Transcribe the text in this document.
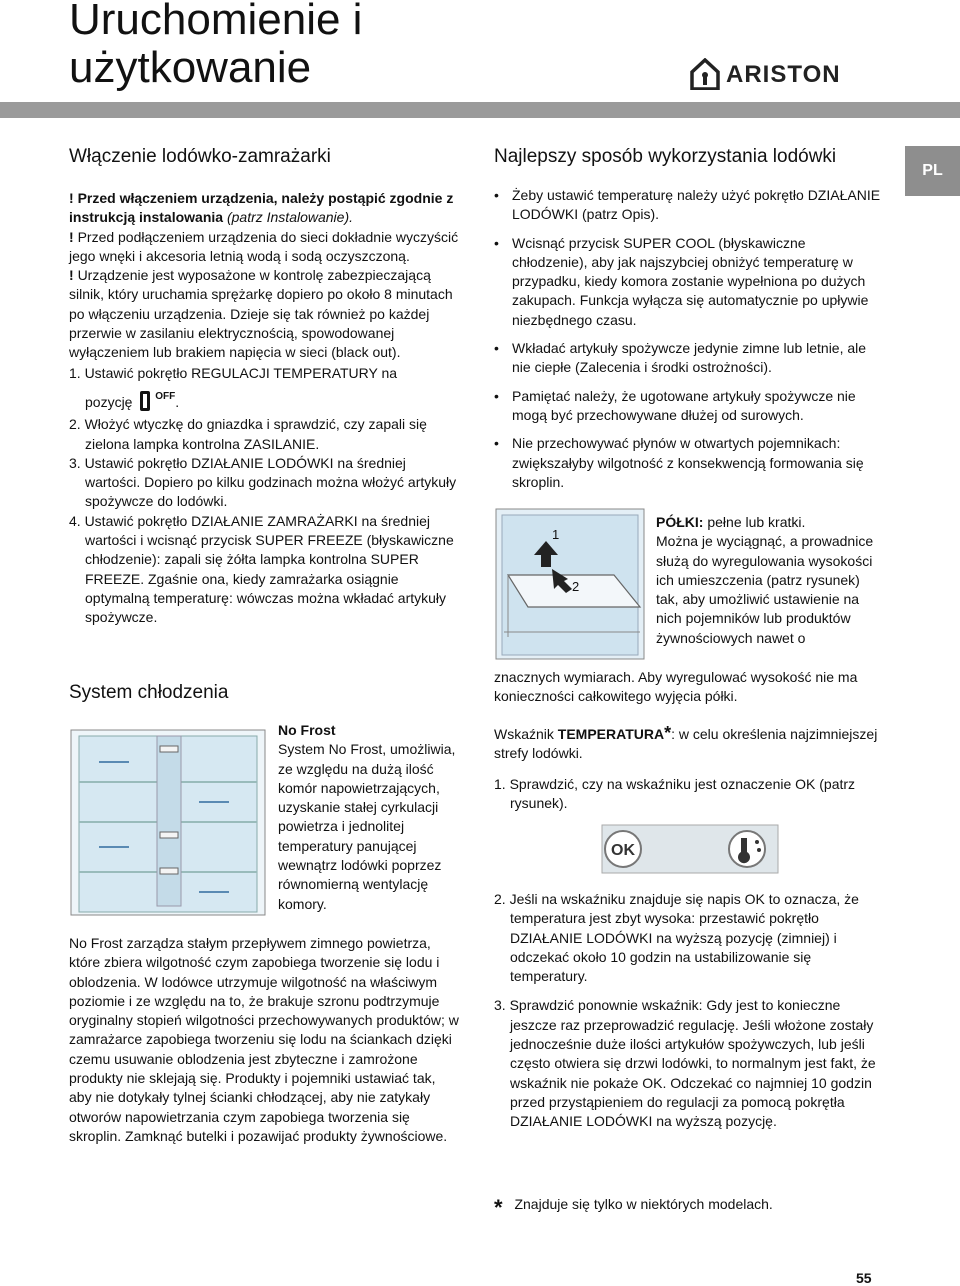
Uruchomienie i
użytkowanie	ARISTON
PL
Włączenie lodówko-zamrażarki

! Przed włączeniem urządzenia, należy postąpić zgodnie z instrukcją instalowania (patrz Instalowanie).

! Przed podłączeniem urządzenia do sieci dokładnie wyczyścić jego wnęki i akcesoria letnią wodą i sodą oczyszczoną.

! Urządzenie jest wyposażone w kontrolę zabezpieczającą silnik, który uruchamia sprężarkę dopiero po około 8 minutach po włączeniu urządzenia. Dzieje się tak również po każdej przerwie w zasilaniu elektrycznością, spowodowanej wyłączeniem lub brakiem napięcia w sieci (black out).

1. Ustawić pokrętło REGULACJI TEMPERATURY na

pozycję $^{OFF}$.

2. Włożyć wtyczkę do gniazdka i sprawdzić, czy zapali się zielona lampka kontrolna ZASILANIE.

3. Ustawić pokrętło DZIAŁANIE LODÓWKI na średniej wartości. Dopiero po kilku godzinach można włożyć artykuły spożywcze do lodówki.

4. Ustawić pokrętło DZIAŁANIE ZAMRAŻARKI na średniej wartości i wcisnąć przycisk SUPER FREEZE (błyskawiczne chłodzenie): zapali się żółta lampka kontrolna SUPER FREEZE. Zgaśnie ona, kiedy zamrażarka osiągnie optymalną temperaturę: wówczas można wkładać artykuły spożywcze.

System chłodzenia

No Frost

System No Frost, umożliwia, ze względu na dużą ilość komór napowietrzających, uzyskanie stałej cyrkulacji powietrza i jednolitej temperatury panującej wewnątrz lodówki poprzez równomierną wentylację komory.

No Frost zarządza stałym przepływem zimnego powietrza, które zbiera wilgotność czym zapobiega tworzenie się lodu i oblodzenia. W lodówce utrzymuje wilgotność na właściwym poziomie i ze względu na to, że brakuje szronu podtrzymuje oryginalny stopień wilgotności przechowywanych produktów; w zamrażarce zapobiega tworzeniu się lodu na ściankach dzięki czemu usuwanie oblodzenia jest zbyteczne i zamrożone produkty nie sklejają się. Produkty i pojemniki ustawiać tak, aby nie dotykały tylnej ścianki chłodzącej, aby nie zatykały otworów napowietrzania czym zapobiega tworzenia się skroplin. Zamknąć butelki i pozawijać produkty żywnościowe.

Najlepszy sposób wykorzystania lodówki
• Żeby ustawić temperaturę należy użyć pokrętło DZIAŁANIE LODÓWKI (patrz Opis).
• Wcisnąć przycisk SUPER COOL (błyskawiczne chłodzenie), aby jak najszybciej obniżyć temperaturę w przypadku, kiedy komora zostanie wypełniona po dużych zakupach. Funkcja wyłącza się automatycznie po upływie niezbędnego czasu.
• Wkładać artykuły spożywcze jedynie zimne lub letnie, ale nie ciepłe (Zalecenia i środki ostrożności).
• Pamiętać należy, że ugotowane artykuły spożywcze nie mogą być przechowywane dłużej od surowych.
• Nie przechowywać płynów w otwartych pojemnikach: zwiększałyby wilgotność z konsekwencją formowania się skroplin.
1
2

PÓŁKI: pełne lub kratki.

Można je wyciągnąć, a prowadnice służą do wyregulowania wysokości ich umieszczenia (patrz rysunek) tak, aby umożliwić ustawienie na nich pojemników lub produktów żywnościowych nawet o

znacznych wymiarach. Aby wyregulować wysokość nie ma konieczności całkowitego wyjęcia półki.

Wskaźnik TEMPERATURA*: w celu określenia najzimniejszej strefy lodówki.

1. Sprawdzić, czy na wskaźniku jest oznaczenie OK (patrz rysunek).

OK

2. Jeśli na wskaźniku znajduje się napis OK to oznacza, że temperatura jest zbyt wysoka: przestawić pokrętło DZIAŁANIE LODÓWKI na wyższą pozycję (zimniej) i odczekać około 10 godzin na ustabilizowanie się temperatury.

3. Sprawdzić ponownie wskaźnik: Gdy jest to konieczne jeszcze raz przeprowadzić regulację. Jeśli włożone zostały jednocześnie duże ilości artykułów spożywczych, lub jeśli często otwiera się drzwi lodówki, to normalnym jest fakt, że wskaźnik nie pokaże OK. Odczekać co najmniej 10 godzin przed przystąpieniem do regulacji za pomocą pokrętła DZIAŁANIE LODÓWKI na wyższą pozycję.

* Znajduje się tylko w niektórych modelach.
55
